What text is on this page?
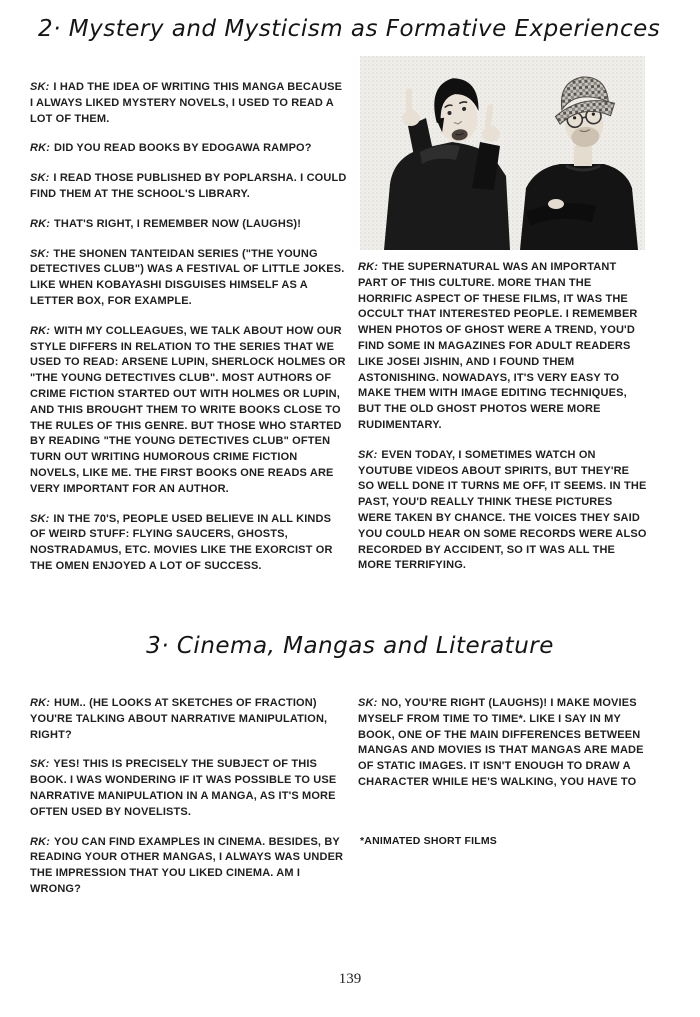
2· Mystery and Mysticism as Formative Experiences

SK: I HAD THE IDEA OF WRITING THIS MANGA BECAUSE I ALWAYS LIKED MYSTERY NOVELS, I USED TO READ A LOT OF THEM.

RK: DID YOU READ BOOKS BY EDOGAWA RAMPO?

SK: I READ THOSE PUBLISHED BY POPLARSHA. I COULD FIND THEM AT THE SCHOOL'S LIBRARY.

RK: THAT'S RIGHT, I REMEMBER NOW (LAUGHS)!

SK: THE SHONEN TANTEIDAN SERIES ("THE YOUNG DETECTIVES CLUB") WAS A FESTIVAL OF LITTLE JOKES. LIKE WHEN KOBAYASHI DISGUISES HIMSELF AS A LETTER BOX, FOR EXAMPLE.

RK: WITH MY COLLEAGUES, WE TALK ABOUT HOW OUR STYLE DIFFERS IN RELATION TO THE SERIES THAT WE USED TO READ: ARSENE LUPIN, SHERLOCK HOLMES OR "THE YOUNG DETECTIVES CLUB". MOST AUTHORS OF CRIME FICTION STARTED OUT WITH HOLMES OR LUPIN, AND THIS BROUGHT THEM TO WRITE BOOKS CLOSE TO THE RULES OF THIS GENRE. BUT THOSE WHO STARTED BY READING "THE YOUNG DETECTIVES CLUB" OFTEN TURN OUT WRITING HUMOROUS CRIME FICTION NOVELS, LIKE ME. THE FIRST BOOKS ONE READS ARE VERY IMPORTANT FOR AN AUTHOR.

SK: IN THE 70'S, PEOPLE USED BELIEVE IN ALL KINDS OF WEIRD STUFF: FLYING SAUCERS, GHOSTS, NOSTRADAMUS, ETC. MOVIES LIKE THE EXORCIST OR THE OMEN ENJOYED A LOT OF SUCCESS.

RK: THE SUPERNATURAL WAS AN IMPORTANT PART OF THIS CULTURE. MORE THAN THE HORRIFIC ASPECT OF THESE FILMS, IT WAS THE OCCULT THAT INTERESTED PEOPLE. I REMEMBER WHEN PHOTOS OF GHOST WERE A TREND, YOU'D FIND SOME IN MAGAZINES FOR ADULT READERS LIKE JOSEI JISHIN, AND I FOUND THEM ASTONISHING. NOWADAYS, IT'S VERY EASY TO MAKE THEM WITH IMAGE EDITING TECHNIQUES, BUT THE OLD GHOST PHOTOS WERE MORE RUDIMENTARY.

SK: EVEN TODAY, I SOMETIMES WATCH ON YOUTUBE VIDEOS ABOUT SPIRITS, BUT THEY'RE SO WELL DONE IT TURNS ME OFF, IT SEEMS. IN THE PAST, YOU'D REALLY THINK THESE PICTURES WERE TAKEN BY CHANCE. THE VOICES THEY SAID YOU COULD HEAR ON SOME RECORDS WERE ALSO RECORDED BY ACCIDENT, SO IT WAS ALL THE MORE TERRIFYING.

3· Cinema, Mangas and Literature

RK: HUM.. (HE LOOKS AT SKETCHES OF FRACTION) YOU'RE TALKING ABOUT NARRATIVE MANIPULATION, RIGHT?

SK: YES! THIS IS PRECISELY THE SUBJECT OF THIS BOOK. I WAS WONDERING IF IT WAS POSSIBLE TO USE NARRATIVE MANIPULATION IN A MANGA, AS IT'S MORE OFTEN USED BY NOVELISTS.

RK: YOU CAN FIND EXAMPLES IN CINEMA. BESIDES, BY READING YOUR OTHER MANGAS, I ALWAYS WAS UNDER THE IMPRESSION THAT YOU LIKED CINEMA. AM I WRONG?

SK: NO, YOU'RE RIGHT (LAUGHS)! I MAKE MOVIES MYSELF FROM TIME TO TIME*. LIKE I SAY IN MY BOOK, ONE OF THE MAIN DIFFERENCES BETWEEN MANGAS AND MOVIES IS THAT MANGAS ARE MADE OF STATIC IMAGES. IT ISN'T ENOUGH TO DRAW A CHARACTER WHILE HE'S WALKING, YOU HAVE TO

*ANIMATED SHORT FILMS
139
